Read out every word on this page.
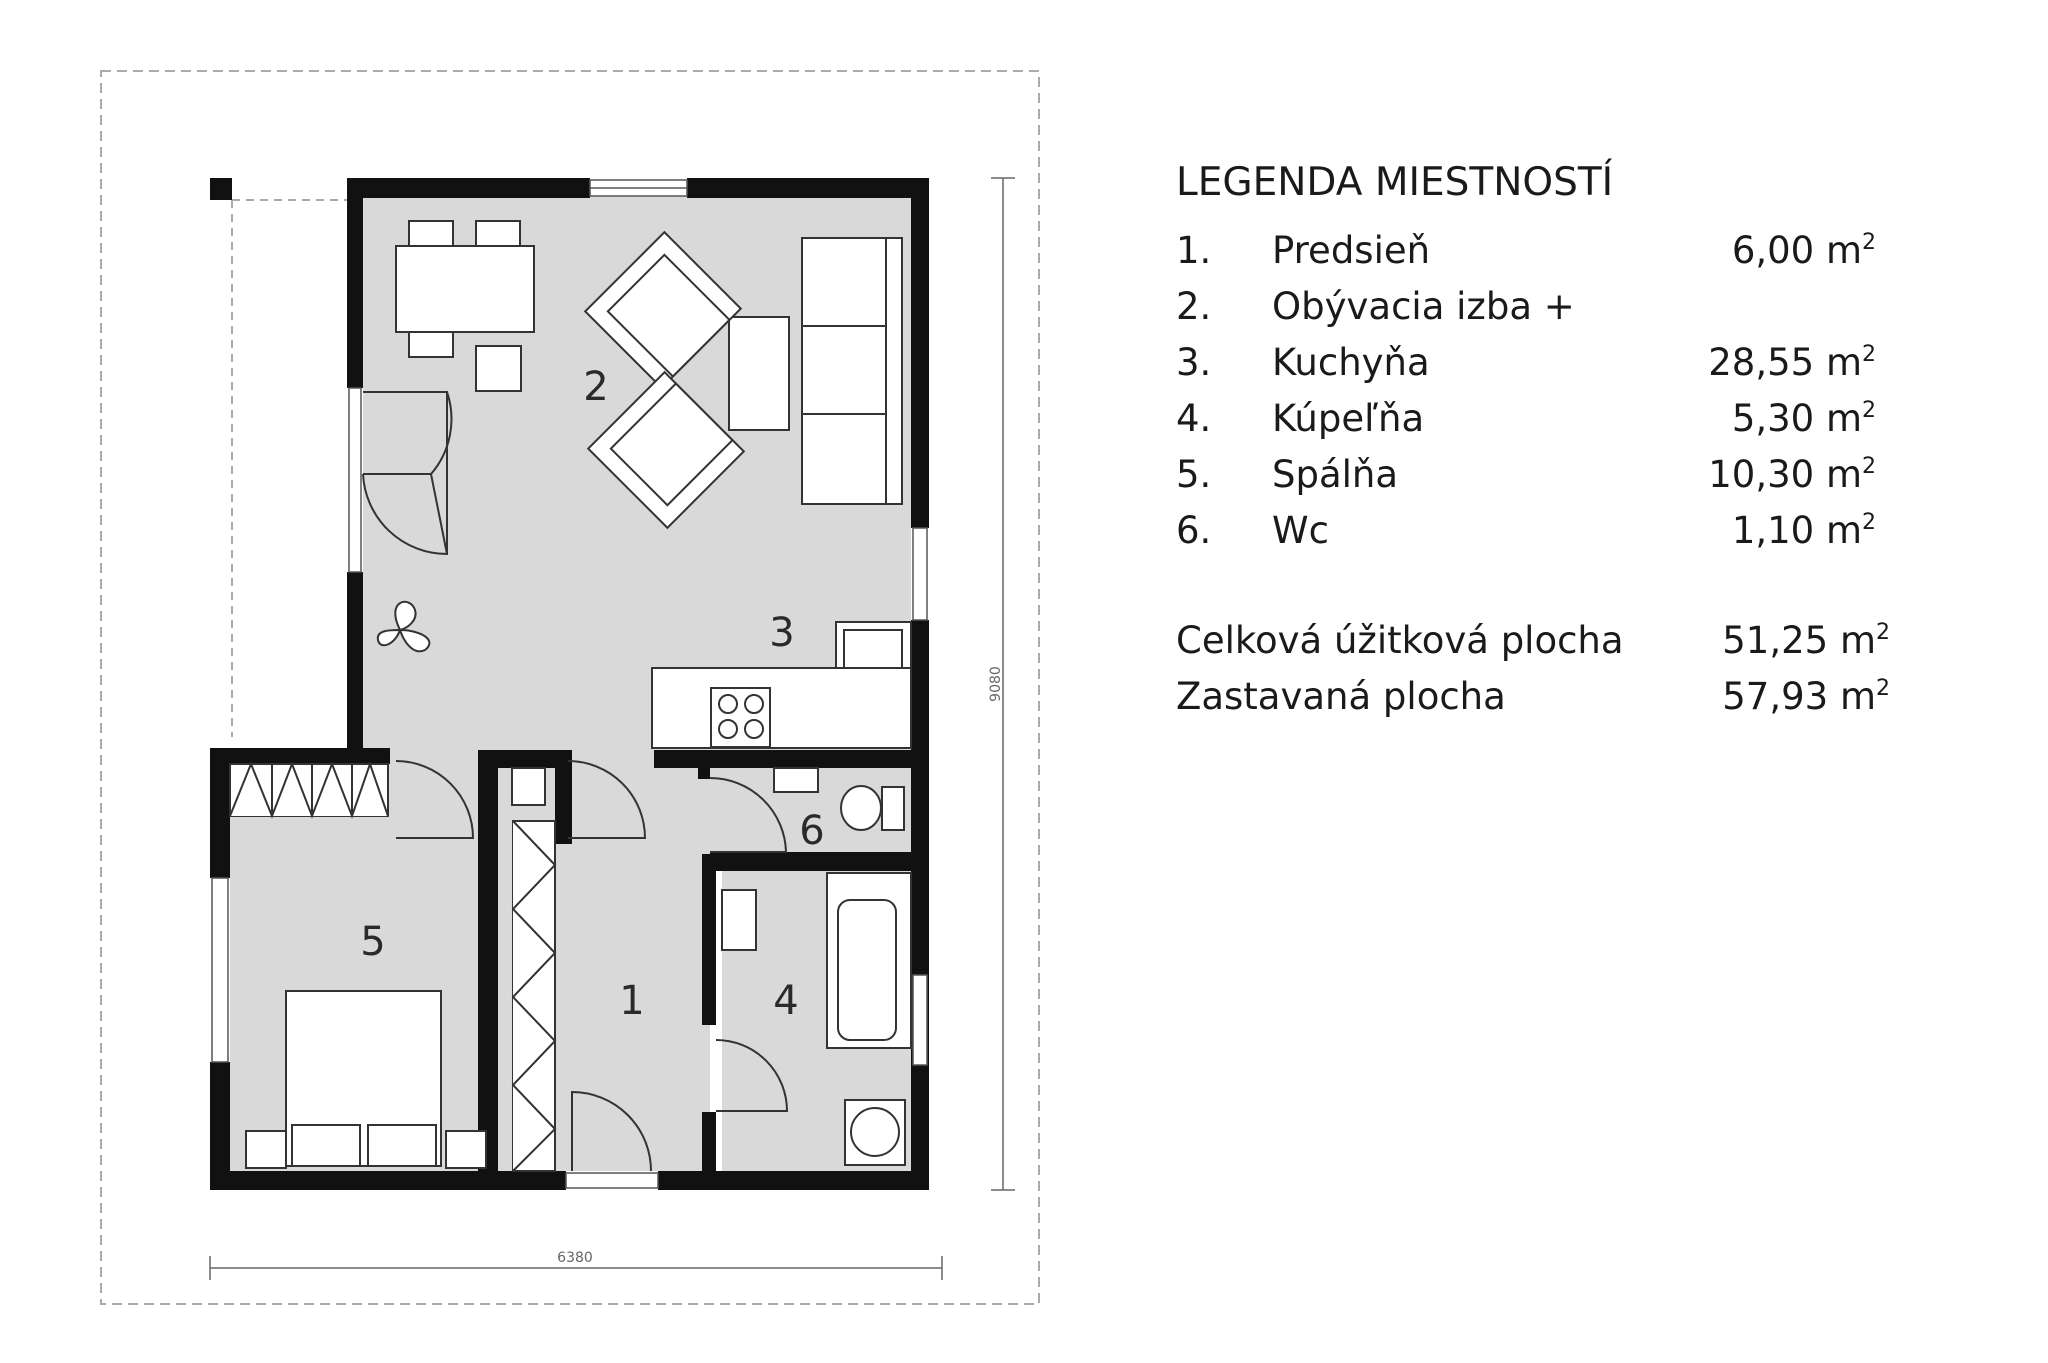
1
2
3
4
5
6
6380
9080
LEGENDA MIESTNOSTÍ
1. Predsieň	6,00 $m^2$
2. Obývacia izba +
3. Kuchyňa	28,55 $m^2$
4. Kúpeľňa	5,30 $m^2$
5. Spálňa	10,30 $m^2$
6. Wc	1,10 $m^2$
Celková úžitková plocha	51,25 $m^2$
Zastavaná plocha	57,93 $m^2$
